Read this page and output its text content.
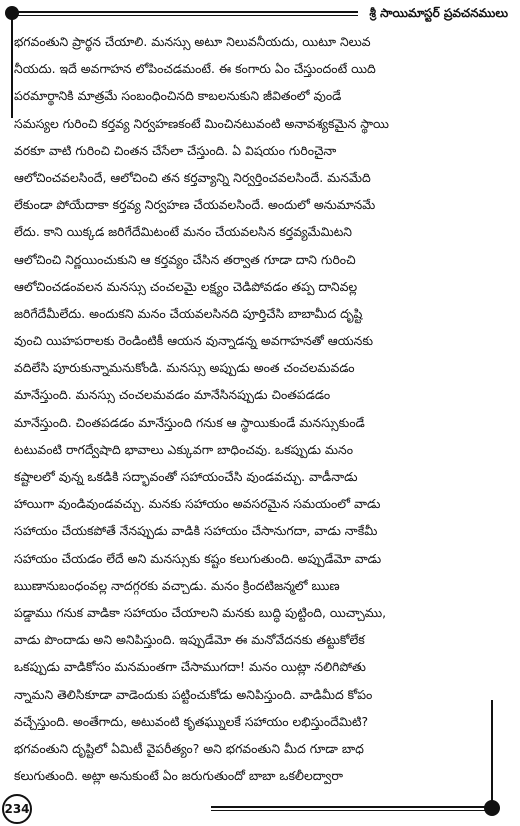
శ్రీ సాయిమాస్టర్ ప్రవచనములు
భగవంతుని ప్రార్థన చేయాలి. మనస్సు అటూ నిలువనీయదు, యిటూ నిలువ
నీయదు. ఇదే అవగాహన లోపించడమంటే. ఈ కంగారు ఏం చేస్తుందంటే యిది
పరమార్థానికి మాత్రమే సంబంధించినది కాబలనుకుని జీవితంలో వుండే
సమస్యల గురించి కర్తవ్య నిర్వహణకంటే మించినటువంటి అనావశ్యకమైన స్థాయి
వరకూ వాటి గురించి చింతన చేసేలా చేస్తుంది. ఏ విషయం గురించైనా
ఆలోచించవలసిందే, ఆలోచించి తన కర్తవ్యాన్ని నిర్వర్తించవలసిందే. మనమేది
లేకుండా పోయేదాకా కర్తవ్య నిర్వహణ చేయవలసిందే. అందులో అనుమానమే
లేదు. కాని యిక్కడ జరిగేదేమిటంటే మనం చేయవలసిన కర్తవ్యమేమిటని
ఆలోచించి నిర్ణయించుకుని ఆ కర్తవ్యం చేసిన తర్వాత గూడా దాని గురించి
ఆలోచించడంవలన మనస్సు చంచలమై లక్ష్యం చెడిపోవడం తప్ప దానివల్ల
జరిగేదేమీలేదు. అందుకని మనం చేయవలసినది పూర్తిచేసి బాబామీద దృష్టి
వుంచి యిహపరాలకు రెండింటికీ ఆయన వున్నాడన్న అవగాహనతో ఆయనకు
వదిలేసి పూరుకున్నామనుకోండి. మనస్సు అప్పుడు అంత చంచలమవడం
మానేస్తుంది. మనస్సు చంచలమవడం మానేసినప్పుడు చింతపడడం
మానేస్తుంది. చింతపడడం మానేస్తుంది గనుక ఆ స్థాయికుండే మనస్సుకుండే
టటువంటి రాగద్వేషాది భావాలు ఎక్కువగా బాధించవు. ఒకప్పుడు మనం
కష్టాలలో వున్న ఒకడికి సద్భావంతో సహాయంచేసి వుండవచ్చు. వాడీనాడు
హాయిగా వుండివుండవచ్చు. మనకు సహాయం అవసరమైన సమయంలో వాడు
సహాయం చేయకపోతే నేనప్పుడు వాడికి సహాయం చేసానుగదా, వాడు నాకేమీ
సహాయం చేయడం లేదే అని మనస్సుకు కష్టం కలుగుతుంది. అప్పుడేమో వాడు
ఋణానుబంధంవల్ల నాదగ్గరకు వచ్చాడు. మనం క్రిందటిజన్మలో ఋణ
పడ్డాము గనుక వాడికా సహాయం చేయాలని మనకు బుద్ధి పుట్టింది, యిచ్చాము,
వాడు పొందాడు అని అనిపిస్తుంది. ఇప్పుడేమో ఈ మనోవేదనకు తట్టుకోలేక
ఒకప్పుడు వాడికోసం మనమంతగా చేసాముగదా! మనం యిట్లా నలిగిపోతు
న్నామని తెలిసికూడా వాడెందుకు పట్టించుకోడు అనిపిస్తుంది. వాడిమీద కోపం
వచ్చేస్తుంది. అంతేగాదు, అటువంటి కృతఘ్నులకే సహాయం లభిస్తుందేమిటి?
భగవంతుని దృష్టిలో ఏమిటీ వైపరీత్యం? అని భగవంతుని మీద గూడా బాధ
కలుగుతుంది. అట్లా అనుకుంటే ఏం జరుగుతుందో బాబా ఒకలీలద్వారా
234
